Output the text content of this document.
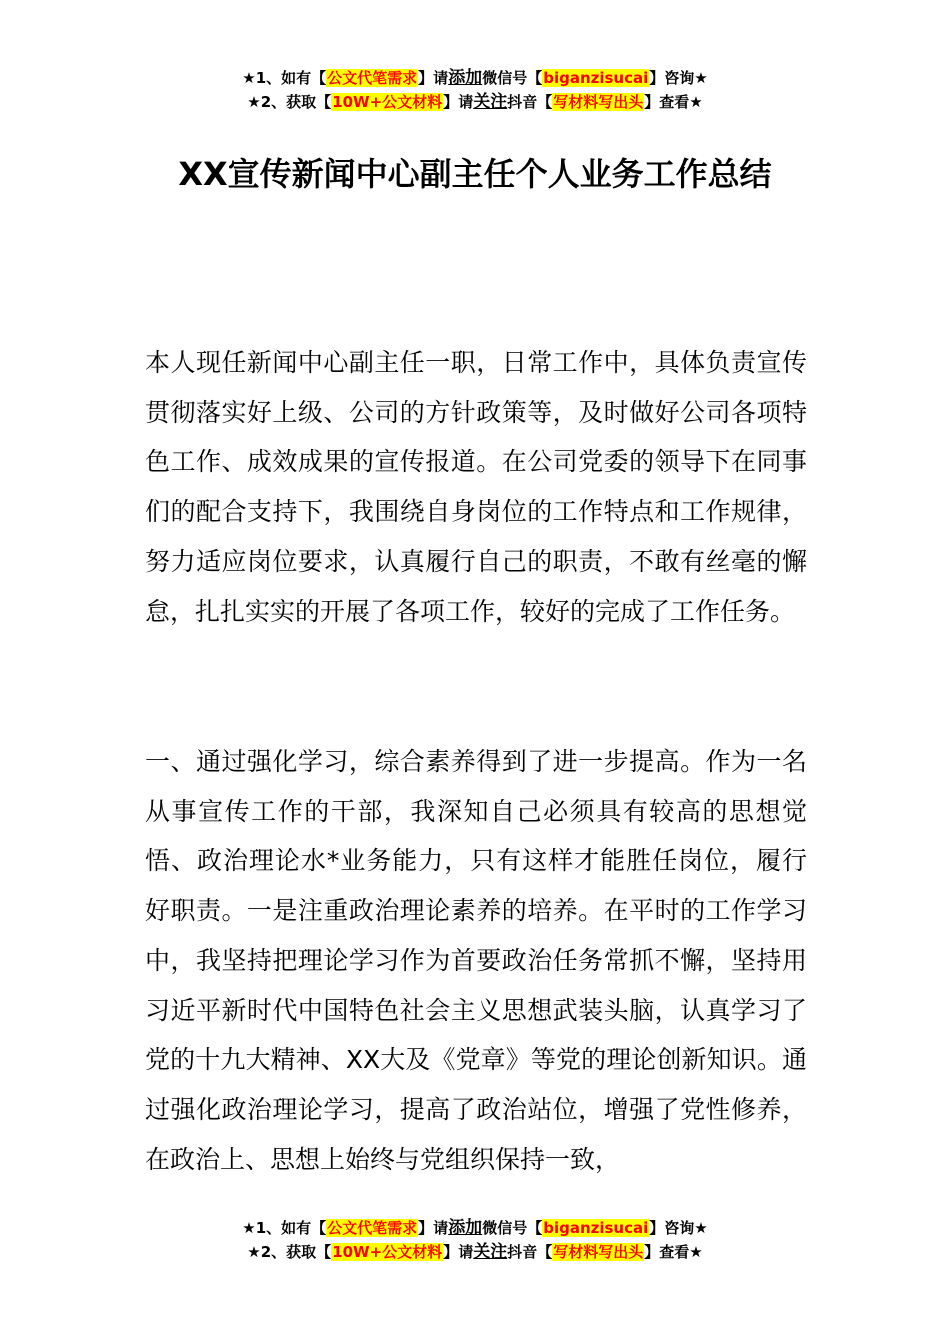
★1、如有【公文代笔需求】请添加微信号【biganzisucai】咨询★
★2、获取【10W+公文材料】请关注抖音【写材料写出头】查看★
XX宣传新闻中心副主任个人业务工作总结
本人现任新闻中心副主任一职，日常工作中，具体负责宣传贯彻落实好上级、公司的方针政策等，及时做好公司各项特色工作、成效成果的宣传报道。在公司党委的领导下在同事们的配合支持下，我围绕自身岗位的工作特点和工作规律，努力适应岗位要求，认真履行自己的职责，不敢有丝毫的懈怠，扎扎实实的开展了各项工作，较好的完成了工作任务。
一、通过强化学习，综合素养得到了进一步提高。作为一名从事宣传工作的干部，我深知自己必须具有较高的思想觉悟、政治理论水*业务能力，只有这样才能胜任岗位，履行好职责。一是注重政治理论素养的培养。在平时的工作学习中，我坚持把理论学习作为首要政治任务常抓不懈，坚持用习近平新时代中国特色社会主义思想武装头脑，认真学习了党的十九大精神、XX大及《党章》等党的理论创新知识。通过强化政治理论学习，提高了政治站位，增强了党性修养，在政治上、思想上始终与党组织保持一致，
★1、如有【公文代笔需求】请添加微信号【biganzisucai】咨询★
★2、获取【10W+公文材料】请关注抖音【写材料写出头】查看★
